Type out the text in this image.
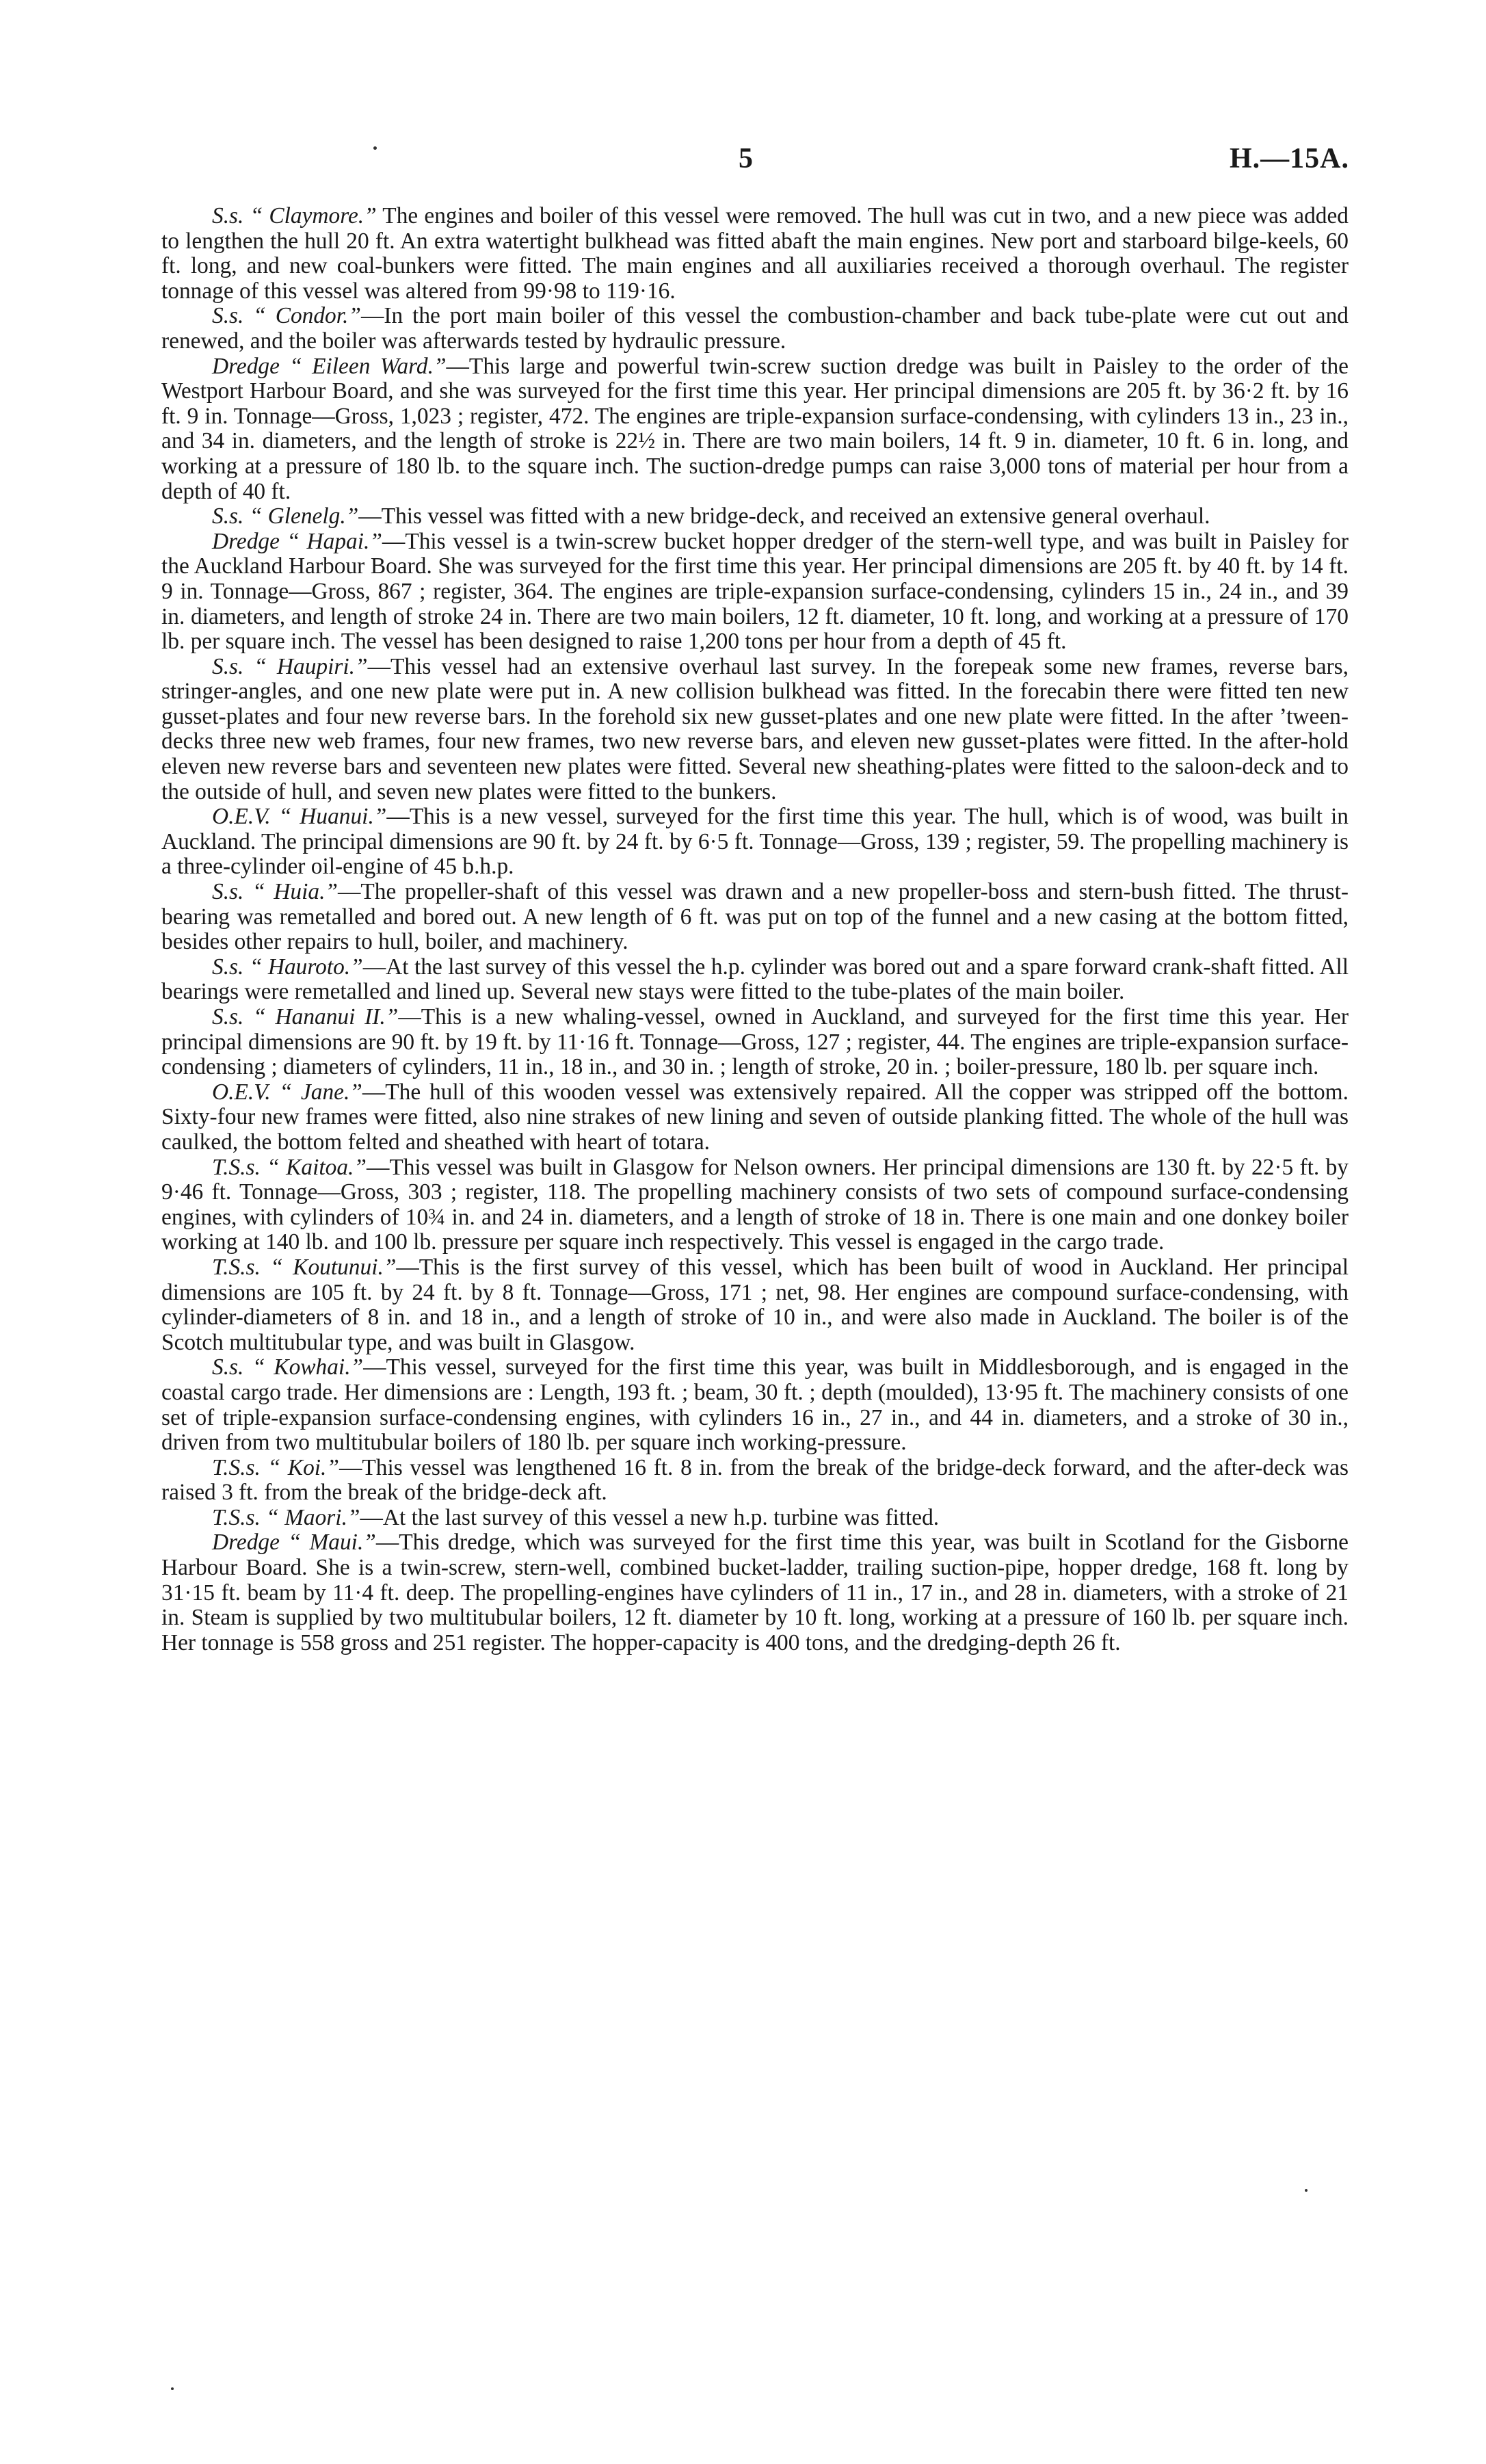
5	H.—15A.

S.s. “ Claymore.” The engines and boiler of this vessel were removed. The hull was cut in two, and a new piece was added to lengthen the hull 20 ft. An extra watertight bulkhead was fitted abaft the main engines. New port and starboard bilge-keels, 60 ft. long, and new coal-bunkers were fitted. The main engines and all auxiliaries received a thorough overhaul. The register tonnage of this vessel was altered from 99·98 to 119·16.

S.s. “ Condor.”—In the port main boiler of this vessel the combustion-chamber and back tube-plate were cut out and renewed, and the boiler was afterwards tested by hydraulic pressure.

Dredge “ Eileen Ward.”—This large and powerful twin-screw suction dredge was built in Paisley to the order of the Westport Harbour Board, and she was surveyed for the first time this year. Her principal dimensions are 205 ft. by 36·2 ft. by 16 ft. 9 in. Tonnage—Gross, 1,023 ; register, 472. The engines are triple-expansion surface-condensing, with cylinders 13 in., 23 in., and 34 in. diameters, and the length of stroke is 22½ in. There are two main boilers, 14 ft. 9 in. diameter, 10 ft. 6 in. long, and working at a pressure of 180 lb. to the square inch. The suction-dredge pumps can raise 3,000 tons of material per hour from a depth of 40 ft.

S.s. “ Glenelg.”—This vessel was fitted with a new bridge-deck, and received an extensive general overhaul.

Dredge “ Hapai.”—This vessel is a twin-screw bucket hopper dredger of the stern-well type, and was built in Paisley for the Auckland Harbour Board. She was surveyed for the first time this year. Her principal dimensions are 205 ft. by 40 ft. by 14 ft. 9 in. Tonnage—Gross, 867 ; register, 364. The engines are triple-expansion surface-condensing, cylinders 15 in., 24 in., and 39 in. diameters, and length of stroke 24 in. There are two main boilers, 12 ft. diameter, 10 ft. long, and working at a pressure of 170 lb. per square inch. The vessel has been designed to raise 1,200 tons per hour from a depth of 45 ft.

S.s. “ Haupiri.”—This vessel had an extensive overhaul last survey. In the forepeak some new frames, reverse bars, stringer-angles, and one new plate were put in. A new collision bulkhead was fitted. In the forecabin there were fitted ten new gusset-plates and four new reverse bars. In the forehold six new gusset-plates and one new plate were fitted. In the after ’tween-decks three new web frames, four new frames, two new reverse bars, and eleven new gusset-plates were fitted. In the after-hold eleven new reverse bars and seventeen new plates were fitted. Several new sheathing-plates were fitted to the saloon-deck and to the outside of hull, and seven new plates were fitted to the bunkers.

O.E.V. “ Huanui.”—This is a new vessel, surveyed for the first time this year. The hull, which is of wood, was built in Auckland. The principal dimensions are 90 ft. by 24 ft. by 6·5 ft. Tonnage—Gross, 139 ; register, 59. The propelling machinery is a three-cylinder oil-engine of 45 b.h.p.

S.s. “ Huia.”—The propeller-shaft of this vessel was drawn and a new propeller-boss and stern-bush fitted. The thrust-bearing was remetalled and bored out. A new length of 6 ft. was put on top of the funnel and a new casing at the bottom fitted, besides other repairs to hull, boiler, and machinery.

S.s. “ Hauroto.”—At the last survey of this vessel the h.p. cylinder was bored out and a spare forward crank-shaft fitted. All bearings were remetalled and lined up. Several new stays were fitted to the tube-plates of the main boiler.

S.s. “ Hananui II.”—This is a new whaling-vessel, owned in Auckland, and surveyed for the first time this year. Her principal dimensions are 90 ft. by 19 ft. by 11·16 ft. Tonnage—Gross, 127 ; register, 44. The engines are triple-expansion surface-condensing ; diameters of cylinders, 11 in., 18 in., and 30 in. ; length of stroke, 20 in. ; boiler-pressure, 180 lb. per square inch.

O.E.V. “ Jane.”—The hull of this wooden vessel was extensively repaired. All the copper was stripped off the bottom. Sixty-four new frames were fitted, also nine strakes of new lining and seven of outside planking fitted. The whole of the hull was caulked, the bottom felted and sheathed with heart of totara.

T.S.s. “ Kaitoa.”—This vessel was built in Glasgow for Nelson owners. Her principal dimensions are 130 ft. by 22·5 ft. by 9·46 ft. Tonnage—Gross, 303 ; register, 118. The propelling machinery consists of two sets of compound surface-condensing engines, with cylinders of 10¾ in. and 24 in. diameters, and a length of stroke of 18 in. There is one main and one donkey boiler working at 140 lb. and 100 lb. pressure per square inch respectively. This vessel is engaged in the cargo trade.

T.S.s. “ Koutunui.”—This is the first survey of this vessel, which has been built of wood in Auckland. Her principal dimensions are 105 ft. by 24 ft. by 8 ft. Tonnage—Gross, 171 ; net, 98. Her engines are compound surface-condensing, with cylinder-diameters of 8 in. and 18 in., and a length of stroke of 10 in., and were also made in Auckland. The boiler is of the Scotch multitubular type, and was built in Glasgow.

S.s. “ Kowhai.”—This vessel, surveyed for the first time this year, was built in Middlesborough, and is engaged in the coastal cargo trade. Her dimensions are : Length, 193 ft. ; beam, 30 ft. ; depth (moulded), 13·95 ft. The machinery consists of one set of triple-expansion surface-condensing engines, with cylinders 16 in., 27 in., and 44 in. diameters, and a stroke of 30 in., driven from two multitubular boilers of 180 lb. per square inch working-pressure.

T.S.s. “ Koi.”—This vessel was lengthened 16 ft. 8 in. from the break of the bridge-deck forward, and the after-deck was raised 3 ft. from the break of the bridge-deck aft.

T.S.s. “ Maori.”—At the last survey of this vessel a new h.p. turbine was fitted.

Dredge “ Maui.”—This dredge, which was surveyed for the first time this year, was built in Scotland for the Gisborne Harbour Board. She is a twin-screw, stern-well, combined bucket-ladder, trailing suction-pipe, hopper dredge, 168 ft. long by 31·15 ft. beam by 11·4 ft. deep. The propelling-engines have cylinders of 11 in., 17 in., and 28 in. diameters, with a stroke of 21 in. Steam is supplied by two multitubular boilers, 12 ft. diameter by 10 ft. long, working at a pressure of 160 lb. per square inch. Her tonnage is 558 gross and 251 register. The hopper-capacity is 400 tons, and the dredging-depth 26 ft.
